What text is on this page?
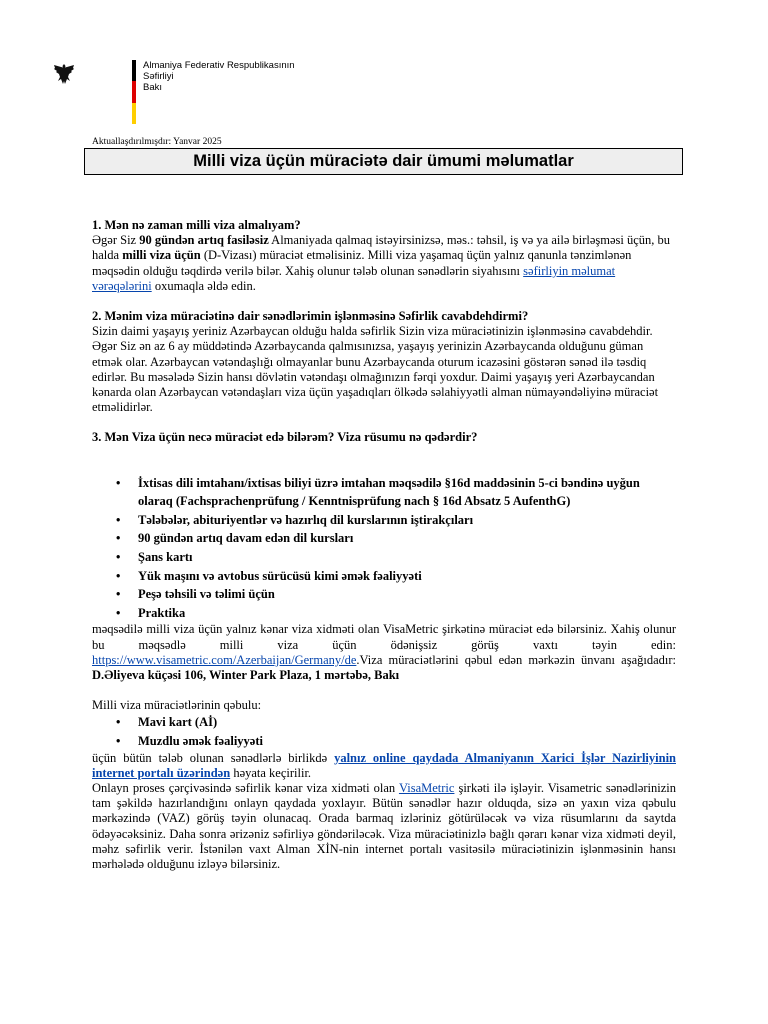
Almaniya Federativ Respublikasının
Səfirliyi
Bakı
Aktuallaşdırılmışdır: Yanvar 2025
Milli viza üçün müraciətə dair ümumi məlumatlar

1. Mən nə zaman milli viza almalıyam?

Əgər Siz 90 gündən artıq fasiləsiz Almaniyada qalmaq istəyirsinizsə, məs.: təhsil, iş və ya ailə birləşməsi üçün, bu halda milli viza üçün (D-Vizası) müraciət etməlisiniz. Milli viza yaşamaq üçün yalnız qanunla tənzimlənən məqsədin olduğu təqdirdə verilə bilər. Xahiş olunur tələb olunan sənədlərin siyahısını səfirliyin məlumat vərəqələrini oxumaqla əldə edin.

2. Mənim viza müraciətinə dair sənədlərimin işlənməsinə Səfirlik cavabdehdirmi?

Sizin daimi yaşayış yeriniz Azərbaycan olduğu halda səfirlik Sizin viza müraciətinizin işlənməsinə cavabdehdir. Əgər Siz ən az 6 ay müddətində Azərbaycanda qalmısınızsa, yaşayış yerinizin Azərbaycanda olduğunu güman etmək olar. Azərbaycan vətəndaşlığı olmayanlar bunu Azərbaycanda oturum icazəsini göstərən sənəd ilə təsdiq edirlər. Bu məsələdə Sizin hansı dövlətin vətəndaşı olmağınızın fərqi yoxdur. Daimi yaşayış yeri Azərbaycandan kənarda olan Azərbaycan vətəndaşları viza üçün yaşadıqları ölkədə səlahiyyətli alman nümayəndəliyinə müraciət etməlidirlər.

3. Mən Viza üçün necə müraciət edə bilərəm? Viza rüsumu nə qədərdir?

• İxtisas dili imtahanı/ixtisas biliyi üzrə imtahan məqsədilə §16d maddəsinin 5-ci bəndinə uyğun olaraq (Fachsprachenprüfung / Kenntnisprüfung nach § 16d Absatz 5 AufenthG)
• Tələbələr, abituriyentlər və hazırlıq dil kurslarının iştirakçıları
• 90 gündən artıq davam edən dil kursları
• Şans kartı
• Yük maşını və avtobus sürücüsü kimi əmək fəaliyyəti
• Peşə təhsili və təlimi üçün
• Praktika

məqsədilə milli viza üçün yalnız kənar viza xidməti olan VisaMetric şirkətinə müraciət edə bilərsiniz. Xahiş olunur bu məqsədlə milli viza üçün ödənişsiz görüş vaxtı təyin edin: https://www.visametric.com/Azerbaijan/Germany/de.Viza müraciətlərini qəbul edən mərkəzin ünvanı aşağıdadır: D.Əliyeva küçəsi 106, Winter Park Plaza, 1 mərtəbə, Bakı

Milli viza müraciətlərinin qəbulu:

• Mavi kart (Aİ)
• Muzdlu əmək fəaliyyəti

üçün bütün tələb olunan sənədlərlə birlikdə yalnız online qaydada Almaniyanın Xarici İşlər Nazirliyinin internet portalı üzərindən həyata keçirilir.

Onlayn proses çərçivəsində səfirlik kənar viza xidməti olan VisaMetric şirkəti ilə işləyir. Visametric sənədlərinizin tam şəkildə hazırlandığını onlayn qaydada yoxlayır. Bütün sənədlər hazır olduqda, sizə ən yaxın viza qəbulu mərkəzində (VAZ) görüş təyin olunacaq. Orada barmaq izləriniz götürüləcək və viza rüsumlarını da saytda ödəyəcəksiniz. Daha sonra ərizəniz səfirliyə göndəriləcək. Viza müraciətinizlə bağlı qərarı kənar viza xidməti deyil, məhz səfirlik verir. İstənilən vaxt Alman XİN-nin internet portalı vasitəsilə müraciətinizin işlənməsinin hansı mərhələdə olduğunu izləyə bilərsiniz.
